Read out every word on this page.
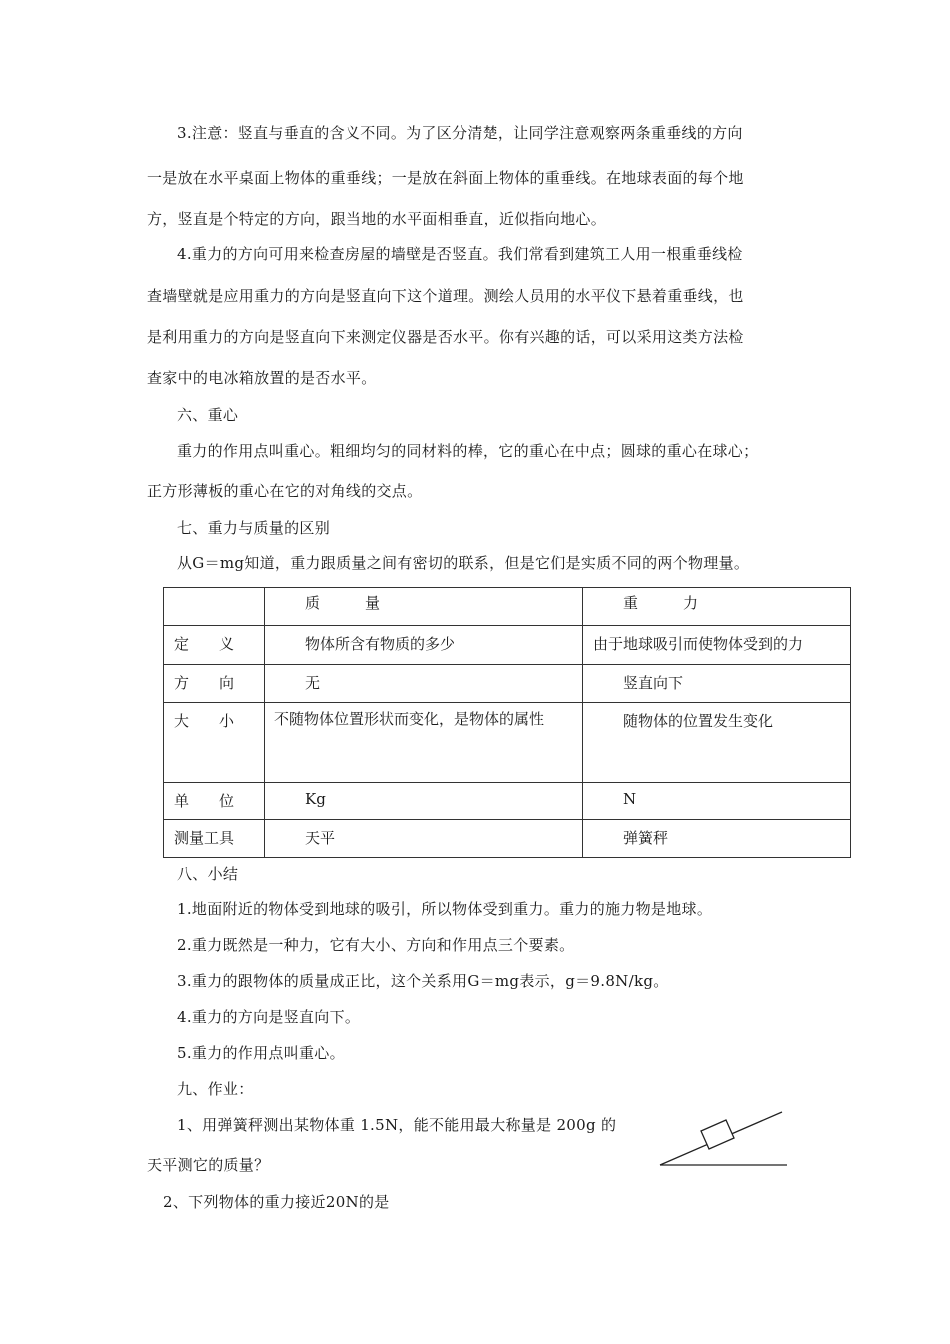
3.注意：竖直与垂直的含义不同。为了区分清楚，让同学注意观察两条重垂线的方向
一是放在水平桌面上物体的重垂线；一是放在斜面上物体的重垂线。在地球表面的每个地
方，竖直是个特定的方向，跟当地的水平面相垂直，近似指向地心。
4.重力的方向可用来检查房屋的墙壁是否竖直。我们常看到建筑工人用一根重垂线检
查墙壁就是应用重力的方向是竖直向下这个道理。测绘人员用的水平仪下悬着重垂线，也
是利用重力的方向是竖直向下来测定仪器是否水平。你有兴趣的话，可以采用这类方法检
查家中的电冰箱放置的是否水平。
六、重心
重力的作用点叫重心。粗细均匀的同材料的棒，它的重心在中点；圆球的重心在球心；
正方形薄板的重心在它的对角线的交点。
七、重力与质量的区别
从G＝mg知道，重力跟质量之间有密切的联系，但是它们是实质不同的两个物理量。

	质　　　量	重　　　力

定　　义	物体所含有物质的多少	由于地球吸引而使物体受到的力

方　　向	无	竖直向下

大　　小	不随物体位置形状而变化，是物体的属性	随物体的位置发生变化

单　　位	Kg	N

测量工具	天平	弹簧秤
八、小结
1.地面附近的物体受到地球的吸引，所以物体受到重力。重力的施力物是地球。
2.重力既然是一种力，它有大小、方向和作用点三个要素。
3.重力的跟物体的质量成正比，这个关系用G＝mg表示，g＝9.8N/kg。
4.重力的方向是竖直向下。
5.重力的作用点叫重心。
九、作业：
1、用弹簧秤测出某物体重 1.5N，能不能用最大称量是 200g 的
天平测它的质量？
2、下列物体的重力接近20N的是
